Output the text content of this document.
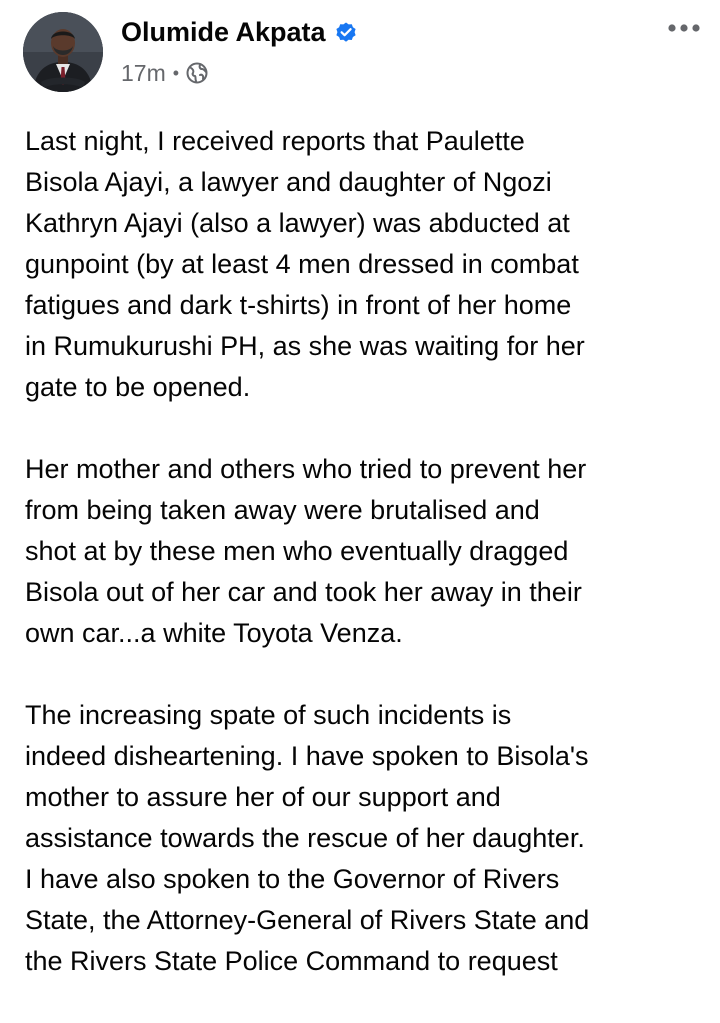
Olumide Akpata
17m •

Last night, I received reports that Paulette
Bisola Ajayi, a lawyer and daughter of Ngozi
Kathryn Ajayi (also a lawyer) was abducted at
gunpoint (by at least 4 men dressed in combat
fatigues and dark t-shirts) in front of her home
in Rumukurushi PH, as she was waiting for her
gate to be opened.

Her mother and others who tried to prevent her
from being taken away were brutalised and
shot at by these men who eventually dragged
Bisola out of her car and took her away in their
own car...a white Toyota Venza.

The increasing spate of such incidents is
indeed disheartening. I have spoken to Bisola's
mother to assure her of our support and
assistance towards the rescue of her daughter.
I have also spoken to the Governor of Rivers
State, the Attorney-General of Rivers State and
the Rivers State Police Command to request
